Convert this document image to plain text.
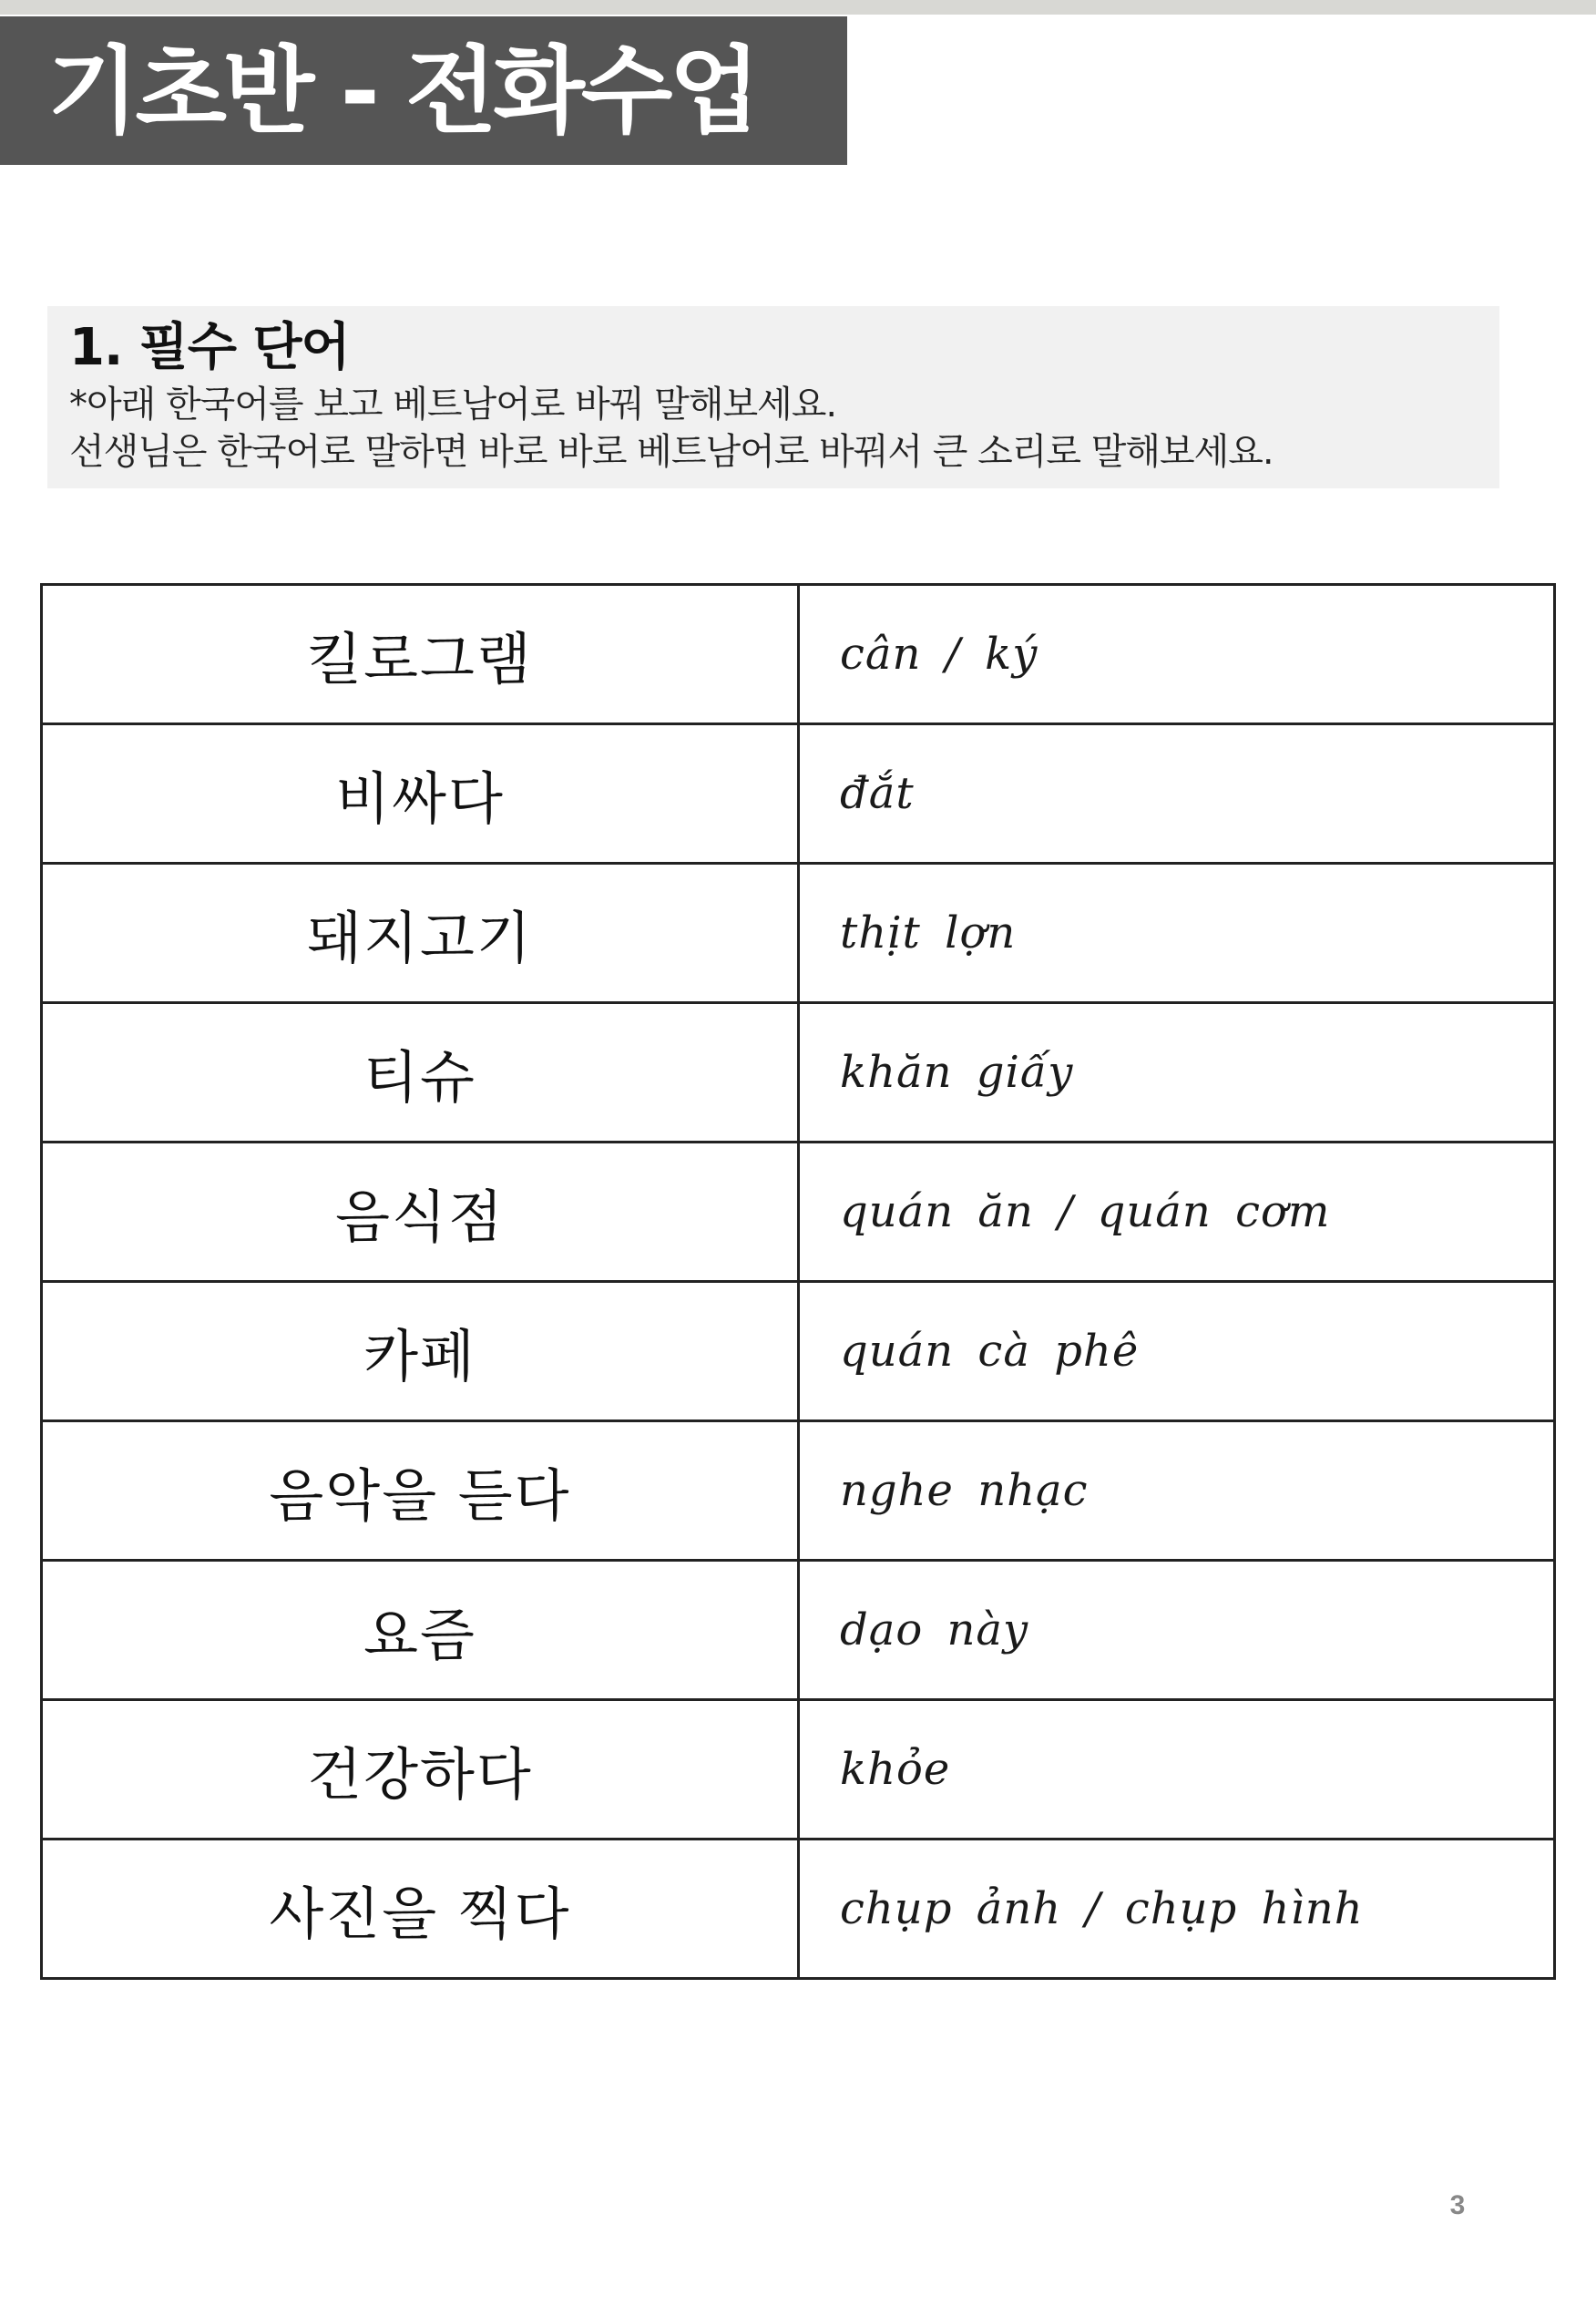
기초반 - 전화수업
1. 필수 단어
*아래 한국어를 보고 베트남어로 바꿔 말해보세요.
선생님은 한국어로 말하면 바로 바로 베트남어로 바꿔서 큰 소리로 말해보세요.
킬로그램	cân / ký
비싸다	đắt
돼지고기	thịt lợn
티슈	khăn giấy
음식점	quán ăn / quán cơm
카페	quán cà phê
음악을 듣다	nghe nhạc
요즘	dạo này
건강하다	khỏe
사진을 찍다	chụp ảnh / chụp hình
3
